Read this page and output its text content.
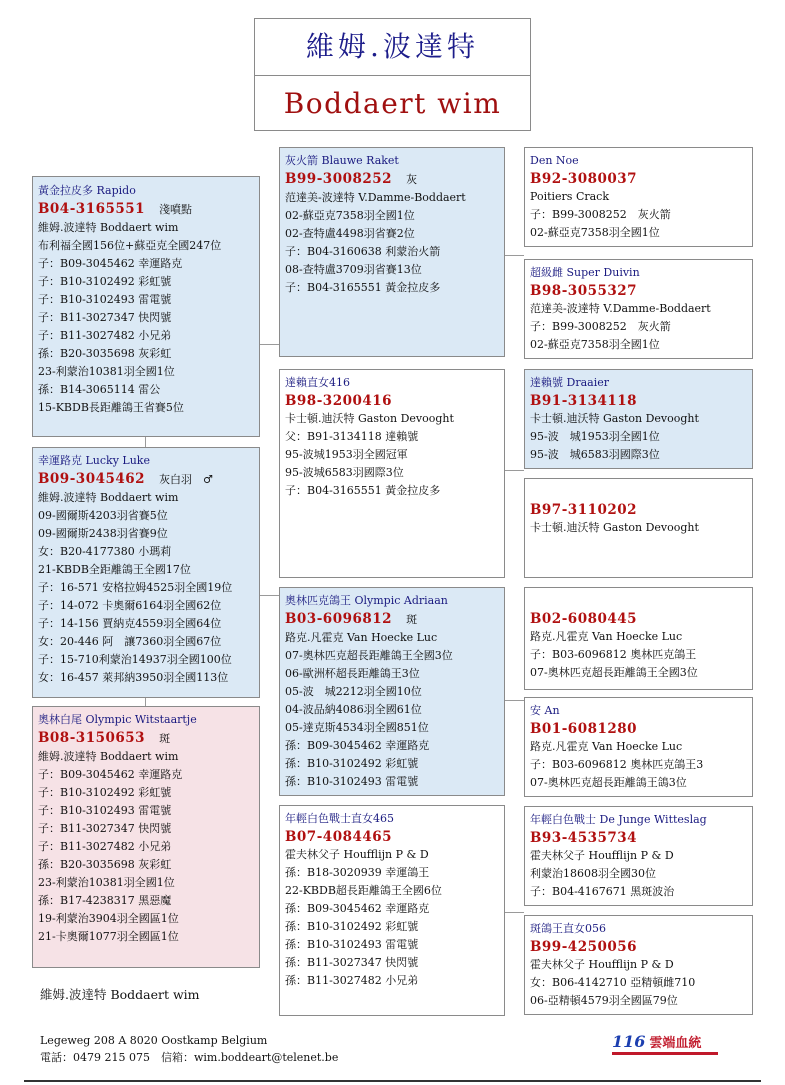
維姆.波達特
Boddaert wim
黃金拉皮多 Rapido
B04-3165551 淺噴點
維姆.波達特 Boddaert wim
布利福全國156位+蘇亞克全國247位
子：B09-3045462 幸運路克
子：B10-3102492 彩虹號
子：B10-3102493 雷電號
子：B11-3027347 快閃號
子：B11-3027482 小兄弟
孫：B20-3035698 灰彩虹
23-利蒙治10381羽全國1位
孫：B14-3065114 雷公
15-KBDB長距離鴿王省賽5位
幸運路克 Lucky Luke
B09-3045462 灰白羽　♂
維姆.波達特 Boddaert wim
09-國爾斯4203羽省賽5位
09-國爾斯2438羽省賽9位
女：B20-4177380 小瑪莉
21-KBDB全距離鴿王全國17位
子：16-571 安格拉姆4525羽全國19位
子：14-072 卡奧爾6164羽全國62位
子：14-156 賈納克4559羽全國64位
女：20-446 阿　讓7360羽全國67位
子：15-710利蒙治14937羽全國100位
女：16-457 萊邦納3950羽全國113位
奧林白尾 Olympic Witstaartje
B08-3150653 斑
維姆.波達特 Boddaert wim
子：B09-3045462 幸運路克
子：B10-3102492 彩虹號
子：B10-3102493 雷電號
子：B11-3027347 快閃號
子：B11-3027482 小兄弟
孫：B20-3035698 灰彩虹
23-利蒙治10381羽全國1位
孫：B17-4238317 黑惡魔
19-利蒙治3904羽全國區1位
21-卡奧爾1077羽全國區1位
灰火箭 Blauwe Raket
B99-3008252 灰
范達美-波達特 V.Damme-Boddaert
02-蘇亞克7358羽全國1位
02-查特盧4498羽省賽2位
子：B04-3160638 利蒙治火箭
08-查特盧3709羽省賽13位
子：B04-3165551 黃金拉皮多
達賴直女416
B98-3200416
卡士頓.迪沃特 Gaston Devooght
父：B91-3134118 達賴號
95-波城1953羽全國冠軍
95-波城6583羽國際3位
子：B04-3165551 黃金拉皮多
奧林匹克鴿王 Olympic Adriaan
B03-6096812 斑
路克.凡霍克 Van Hoecke Luc
07-奧林匹克超長距離鴿王全國3位
06-歐洲杯超長距離鴿王3位
05-波　城2212羽全國10位
04-波品納4086羽全國61位
05-達克斯4534羽全國851位
孫：B09-3045462 幸運路克
孫：B10-3102492 彩虹號
孫：B10-3102493 雷電號
年輕白色戰士直女465
B07-4084465
霍夫林父子 Houfflijn P & D
孫：B18-3020939 幸運鴿王
22-KBDB超長距離鴿王全國6位
孫：B09-3045462 幸運路克
孫：B10-3102492 彩虹號
孫：B10-3102493 雷電號
孫：B11-3027347 快閃號
孫：B11-3027482 小兄弟
Den Noe
B92-3080037
Poitiers Crack
子：B99-3008252　灰火箭
02-蘇亞克7358羽全國1位
超級雌 Super Duivin
B98-3055327
范達美-波達特 V.Damme-Boddaert
子：B99-3008252　灰火箭
02-蘇亞克7358羽全國1位
達賴號 Draaier
B91-3134118
卡士頓.迪沃特 Gaston Devooght
95-波　城1953羽全國1位
95-波　城6583羽國際3位
B97-3110202
卡士頓.迪沃特 Gaston Devooght
B02-6080445
路克.凡霍克 Van Hoecke Luc
子：B03-6096812 奧林匹克鴿王
07-奧林匹克超長距離鴿王全國3位
安 An
B01-6081280
路克.凡霍克 Van Hoecke Luc
子：B03-6096812 奧林匹克鴿王3
07-奧林匹克超長距離鴿王鴿3位
年輕白色戰士 De Junge Witteslag
B93-4535734
霍夫林父子 Houfflijn P & D
利蒙治18608羽全國30位
子：B04-4167671 黑斑波治
斑鴿王直女056
B99-4250056
霍夫林父子 Houfflijn P & D
女：B06-4142710 亞精頓雌710
06-亞精頓4579羽全國區79位
維姆.波達特 Boddaert wim
Legeweg 208 A 8020 Oostkamp Belgium
電話：0479 215 075　信箱：wim.boddeart@telenet.be
116 雲端血統
